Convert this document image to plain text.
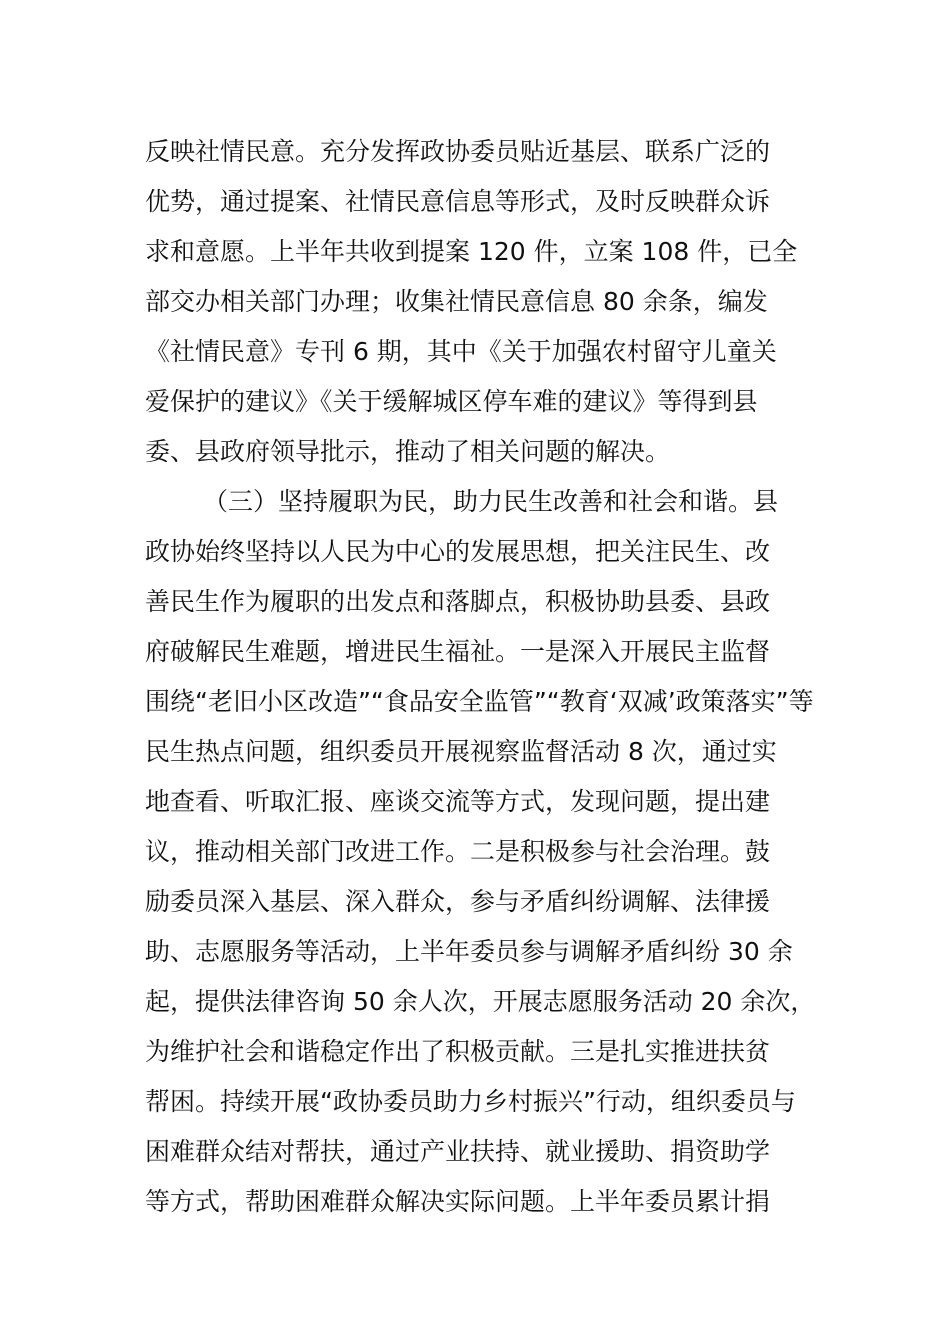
反映社情民意。充分发挥政协委员贴近基层、联系广泛的
优势，通过提案、社情民意信息等形式，及时反映群众诉
求和意愿。上半年共收到提案 120 件，立案 108 件，已全
部交办相关部门办理；收集社情民意信息 80 余条，编发
《社情民意》专刊 6 期，其中《关于加强农村留守儿童关
爱保护的建议》《关于缓解城区停车难的建议》等得到县
委、县政府领导批示，推动了相关问题的解决。
（三）坚持履职为民，助力民生改善和社会和谐。县
政协始终坚持以人民为中心的发展思想，把关注民生、改
善民生作为履职的出发点和落脚点，积极协助县委、县政
府破解民生难题，增进民生福祉。一是深入开展民主监督
围绕“老旧小区改造”“食品安全监管”“教育‘双减’政策落实”等
民生热点问题，组织委员开展视察监督活动 8 次，通过实
地查看、听取汇报、座谈交流等方式，发现问题，提出建
议，推动相关部门改进工作。二是积极参与社会治理。鼓
励委员深入基层、深入群众，参与矛盾纠纷调解、法律援
助、志愿服务等活动，上半年委员参与调解矛盾纠纷 30 余
起，提供法律咨询 50 余人次，开展志愿服务活动 20 余次，
为维护社会和谐稳定作出了积极贡献。三是扎实推进扶贫
帮困。持续开展“政协委员助力乡村振兴”行动，组织委员与
困难群众结对帮扶，通过产业扶持、就业援助、捐资助学
等方式，帮助困难群众解决实际问题。上半年委员累计捐
